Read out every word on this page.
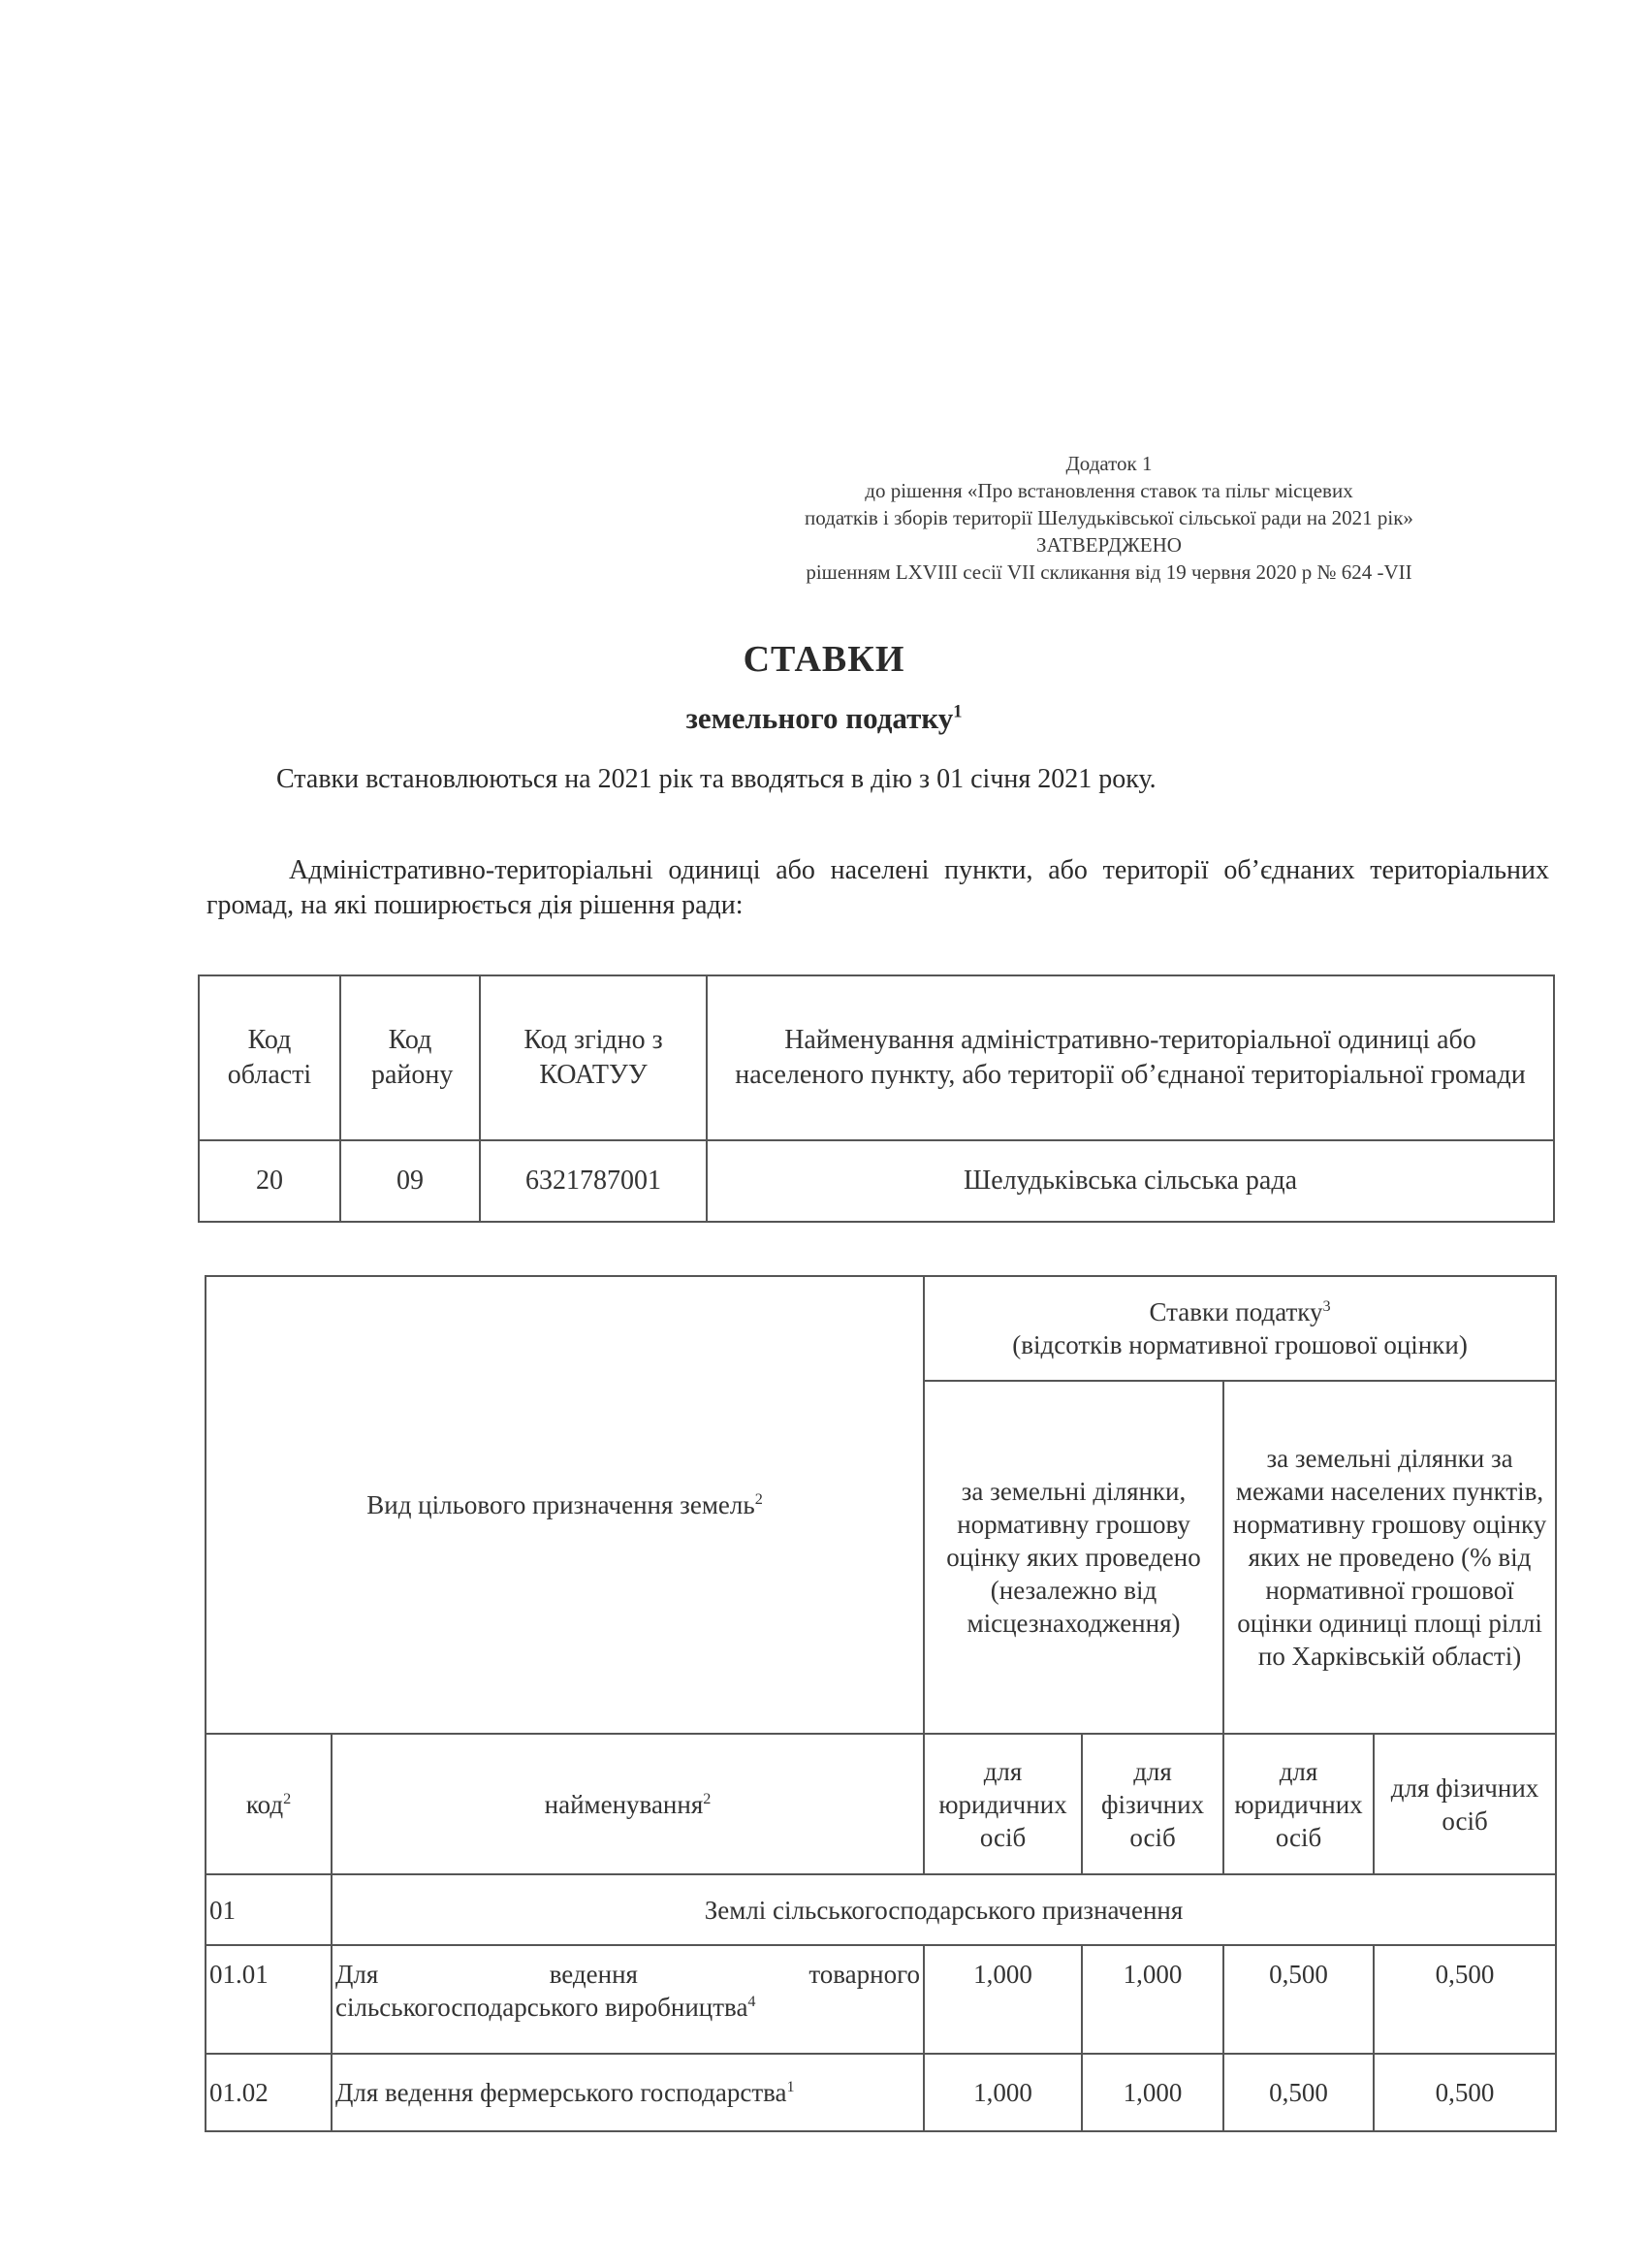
Додаток 1
до рішення «Про встановлення ставок та пільг місцевих
податків і зборів території Шелудьківської сільської ради на 2021 рік»
ЗАТВЕРДЖЕНО
рішенням LXVIII сесії VII скликання від 19 червня 2020 р № 624 -VII
СТАВКИ
земельного податку$^1$
Ставки встановлюються на 2021 рік та вводяться в дію з 01 січня 2021 року.
Адміністративно-територіальні одиниці або населені пункти, або території об’єднаних територіальних громад, на які поширюється дія рішення ради:
Код області	Код району	Код згідно з КОАТУУ	Найменування адміністративно-територіальної одиниці або населеного пункту, або території об’єднаної територіальної громади

20	09	6321787001	Шелудьківська сільська рада
Вид цільового призначення земель$^2$		Ставки податку$^3$
(відсотків нормативної грошової оцінки)			
		за земельні ділянки, нормативну грошову оцінку яких проведено (незалежно від місцезнаходження)		за земельні ділянки за межами населених пунктів, нормативну грошову оцінку яких не проведено (% від нормативної грошової оцінки одиниці площі ріллі по Харківській області)	
код$^2$	найменування$^2$	для юридичних осіб	для фізичних осіб	для юридичних осіб	для фізичних осіб
01	Землі сільськогосподарського призначення				
01.01	Для ведення товарного
сільськогосподарського виробництва$^4$	1,000	1,000	0,500	0,500
01.02	Для ведення фермерського господарства$^1$	1,000	1,000	0,500	0,500
